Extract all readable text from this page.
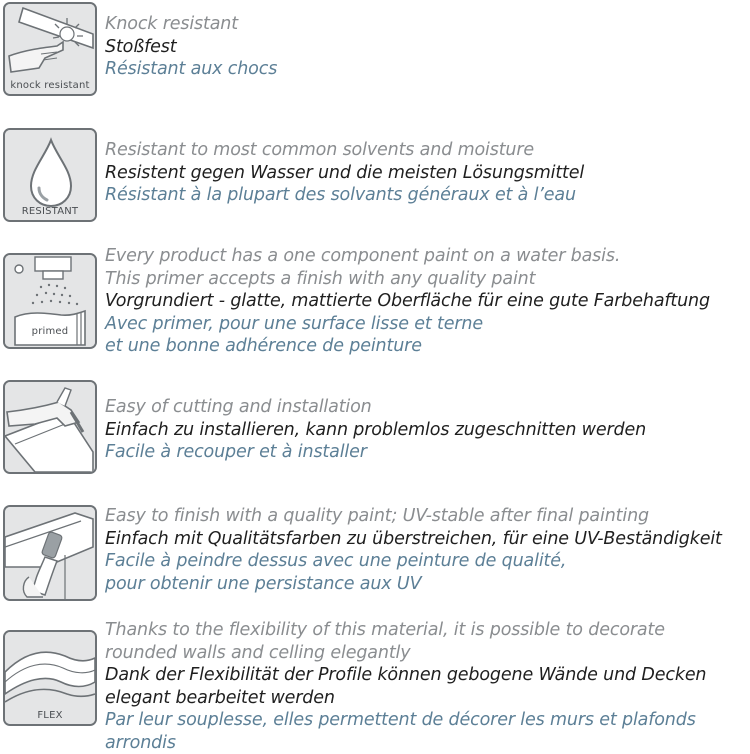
knock resistant
Knock resistant
Stoßfest
Résistant aux chocs
RESISTANT
Resistant to most common solvents and moisture
Resistent gegen Wasser und die meisten Lösungsmittel
Résistant à la plupart des solvants généraux et à l’eau
primed
Every product has a one component paint on a water basis.
This primer accepts a finish with any quality paint
Vorgrundiert - glatte, mattierte Oberfläche für eine gute Farbehaftung
Avec primer, pour une surface lisse et terne
et une bonne adhérence de peinture
Easy of cutting and installation
Einfach zu installieren, kann problemlos zugeschnitten werden
Facile à recouper et à installer
Easy to finish with a quality paint; UV-stable after final painting
Einfach mit Qualitätsfarben zu überstreichen, für eine UV-Beständigkeit
Facile à peindre dessus avec une peinture de qualité,
pour obtenir une persistance aux UV
FLEX
Thanks to the flexibility of this material, it is possible to decorate
rounded walls and celling elegantly
Dank der Flexibilität der Profile können gebogene Wände und Decken
elegant bearbeitet werden
Par leur souplesse, elles permettent de décorer les murs et plafonds
arrondis
